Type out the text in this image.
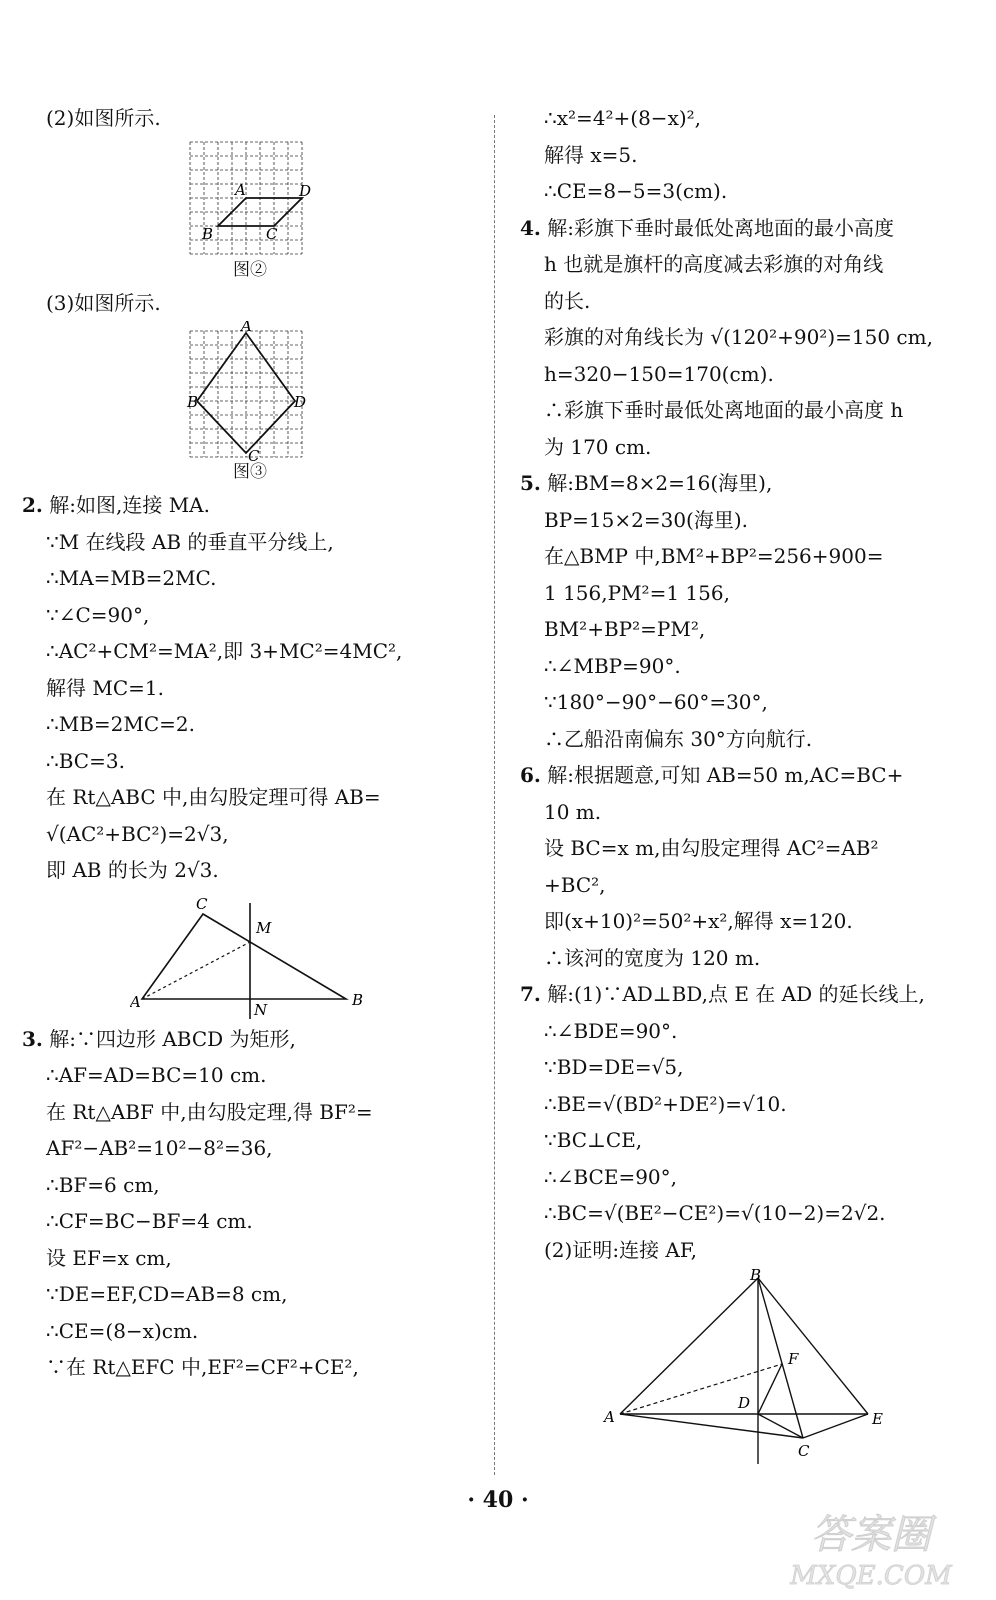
(2)如图所示.
A
B	C
D
图②
(3)如图所示.
A
B
C
D
图③
2. 解:如图,连接 MA.
∵M 在线段 AB 的垂直平分线上,
∴MA=MB=2MC.
∵∠C=90°,
∴AC²+CM²=MA²,即 3+MC²=4MC²,
解得 MC=1.
∴MB=2MC=2.
∴BC=3.
在 Rt△ABC 中,由勾股定理可得 AB=
√(AC²+BC²)=2√3,
即 AB 的长为 2√3.
C
M
A	N
B
3. 解:∵四边形 ABCD 为矩形,
∴AF=AD=BC=10 cm.
在 Rt△ABF 中,由勾股定理,得 BF²=
AF²−AB²=10²−8²=36,
∴BF=6 cm,
∴CF=BC−BF=4 cm.
设 EF=x cm,
∵DE=EF,CD=AB=8 cm,
∴CE=(8−x)cm.
∵在 Rt△EFC 中,EF²=CF²+CE²,
∴x²=4²+(8−x)²,
解得 x=5.
∴CE=8−5=3(cm).
4. 解:彩旗下垂时最低处离地面的最小高度
h 也就是旗杆的高度减去彩旗的对角线
的长.
彩旗的对角线长为 √(120²+90²)=150 cm,
h=320−150=170(cm).
∴彩旗下垂时最低处离地面的最小高度 h
为 170 cm.
5. 解:BM=8×2=16(海里),
BP=15×2=30(海里).
在△BMP 中,BM²+BP²=256+900=
1 156,PM²=1 156,
BM²+BP²=PM²,
∴∠MBP=90°.
∵180°−90°−60°=30°,
∴乙船沿南偏东 30°方向航行.
6. 解:根据题意,可知 AB=50 m,AC=BC+
10 m.
设 BC=x m,由勾股定理得 AC²=AB²
+BC²,
即(x+10)²=50²+x²,解得 x=120.
∴该河的宽度为 120 m.
7. 解:(1)∵AD⊥BD,点 E 在 AD 的延长线上,
∴∠BDE=90°.
∵BD=DE=√5,
∴BE=√(BD²+DE²)=√10.
∵BC⊥CE,
∴∠BCE=90°,
∴BC=√(BE²−CE²)=√(10−2)=2√2.
(2)证明:连接 AF,
B
F
A
D
E
C
· 40 ·
答案圈
MXQE.COM
